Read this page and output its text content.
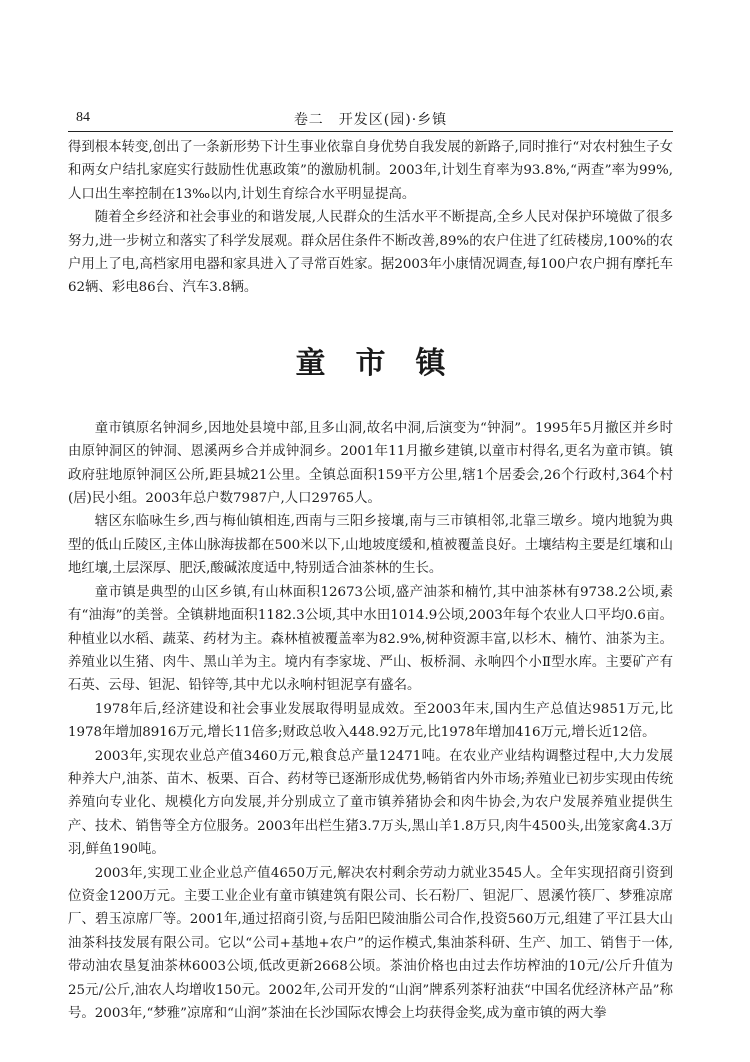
84	卷二　开发区(园)·乡镇

得到根本转变,创出了一条新形势下计生事业依靠自身优势自我发展的新路子,同时推行“对农村独生子女和两女户结扎家庭实行鼓励性优惠政策”的激励机制。2003年,计划生育率为93.8%,“两查”率为99%,人口出生率控制在13‰以内,计划生育综合水平明显提高。

随着全乡经济和社会事业的和谐发展,人民群众的生活水平不断提高,全乡人民对保护环境做了很多努力,进一步树立和落实了科学发展观。群众居住条件不断改善,89%的农户住进了红砖楼房,100%的农户用上了电,高档家用电器和家具进入了寻常百姓家。据2003年小康情况调查,每100户农户拥有摩托车62辆、彩电86台、汽车3.8辆。

童市镇

童市镇原名钟洞乡,因地处县境中部,且多山洞,故名中洞,后演变为“钟洞”。1995年5月撤区并乡时由原钟洞区的钟洞、恩溪两乡合并成钟洞乡。2001年11月撤乡建镇,以童市村得名,更名为童市镇。镇政府驻地原钟洞区公所,距县城21公里。全镇总面积159平方公里,辖1个居委会,26个行政村,364个村(居)民小组。2003年总户数7987户,人口29765人。

辖区东临咏生乡,西与梅仙镇相连,西南与三阳乡接壤,南与三市镇相邻,北靠三墩乡。境内地貌为典型的低山丘陵区,主体山脉海拔都在500米以下,山地坡度缓和,植被覆盖良好。土壤结构主要是红壤和山地红壤,土层深厚、肥沃,酸碱浓度适中,特别适合油茶林的生长。

童市镇是典型的山区乡镇,有山林面积12673公顷,盛产油茶和楠竹,其中油茶林有9738.2公顷,素有“油海”的美誉。全镇耕地面积1182.3公顷,其中水田1014.9公顷,2003年每个农业人口平均0.6亩。种植业以水稻、蔬菜、药材为主。森林植被覆盖率为82.9%,树种资源丰富,以杉木、楠竹、油茶为主。养殖业以生猪、肉牛、黑山羊为主。境内有李家垅、严山、板桥洞、永响四个小Ⅱ型水库。主要矿产有石英、云母、钽泥、铅锌等,其中尤以永响村钽泥享有盛名。

1978年后,经济建设和社会事业发展取得明显成效。至2003年末,国内生产总值达9851万元,比1978年增加8916万元,增长11倍多;财政总收入448.92万元,比1978年增加416万元,增长近12倍。

2003年,实现农业总产值3460万元,粮食总产量12471吨。在农业产业结构调整过程中,大力发展种养大户,油茶、苗木、板栗、百合、药材等已逐渐形成优势,畅销省内外市场;养殖业已初步实现由传统养殖向专业化、规模化方向发展,并分别成立了童市镇养猪协会和肉牛协会,为农户发展养殖业提供生产、技术、销售等全方位服务。2003年出栏生猪3.7万头,黑山羊1.8万只,肉牛4500头,出笼家禽4.3万羽,鲜鱼190吨。

2003年,实现工业企业总产值4650万元,解决农村剩余劳动力就业3545人。全年实现招商引资到位资金1200万元。主要工业企业有童市镇建筑有限公司、长石粉厂、钽泥厂、恩溪竹筷厂、梦雅凉席厂、碧玉凉席厂等。2001年,通过招商引资,与岳阳巴陵油脂公司合作,投资560万元,组建了平江县大山油茶科技发展有限公司。它以“公司+基地+农户”的运作模式,集油茶科研、生产、加工、销售于一体,带动油农垦复油茶林6003公顷,低改更新2668公顷。茶油价格也由过去作坊榨油的10元/公斤升值为25元/公斤,油农人均增收150元。2002年,公司开发的“山润”牌系列茶籽油获“中国名优经济林产品”称号。2003年,“梦雅”凉席和“山润”茶油在长沙国际农博会上均获得金奖,成为童市镇的两大拳
